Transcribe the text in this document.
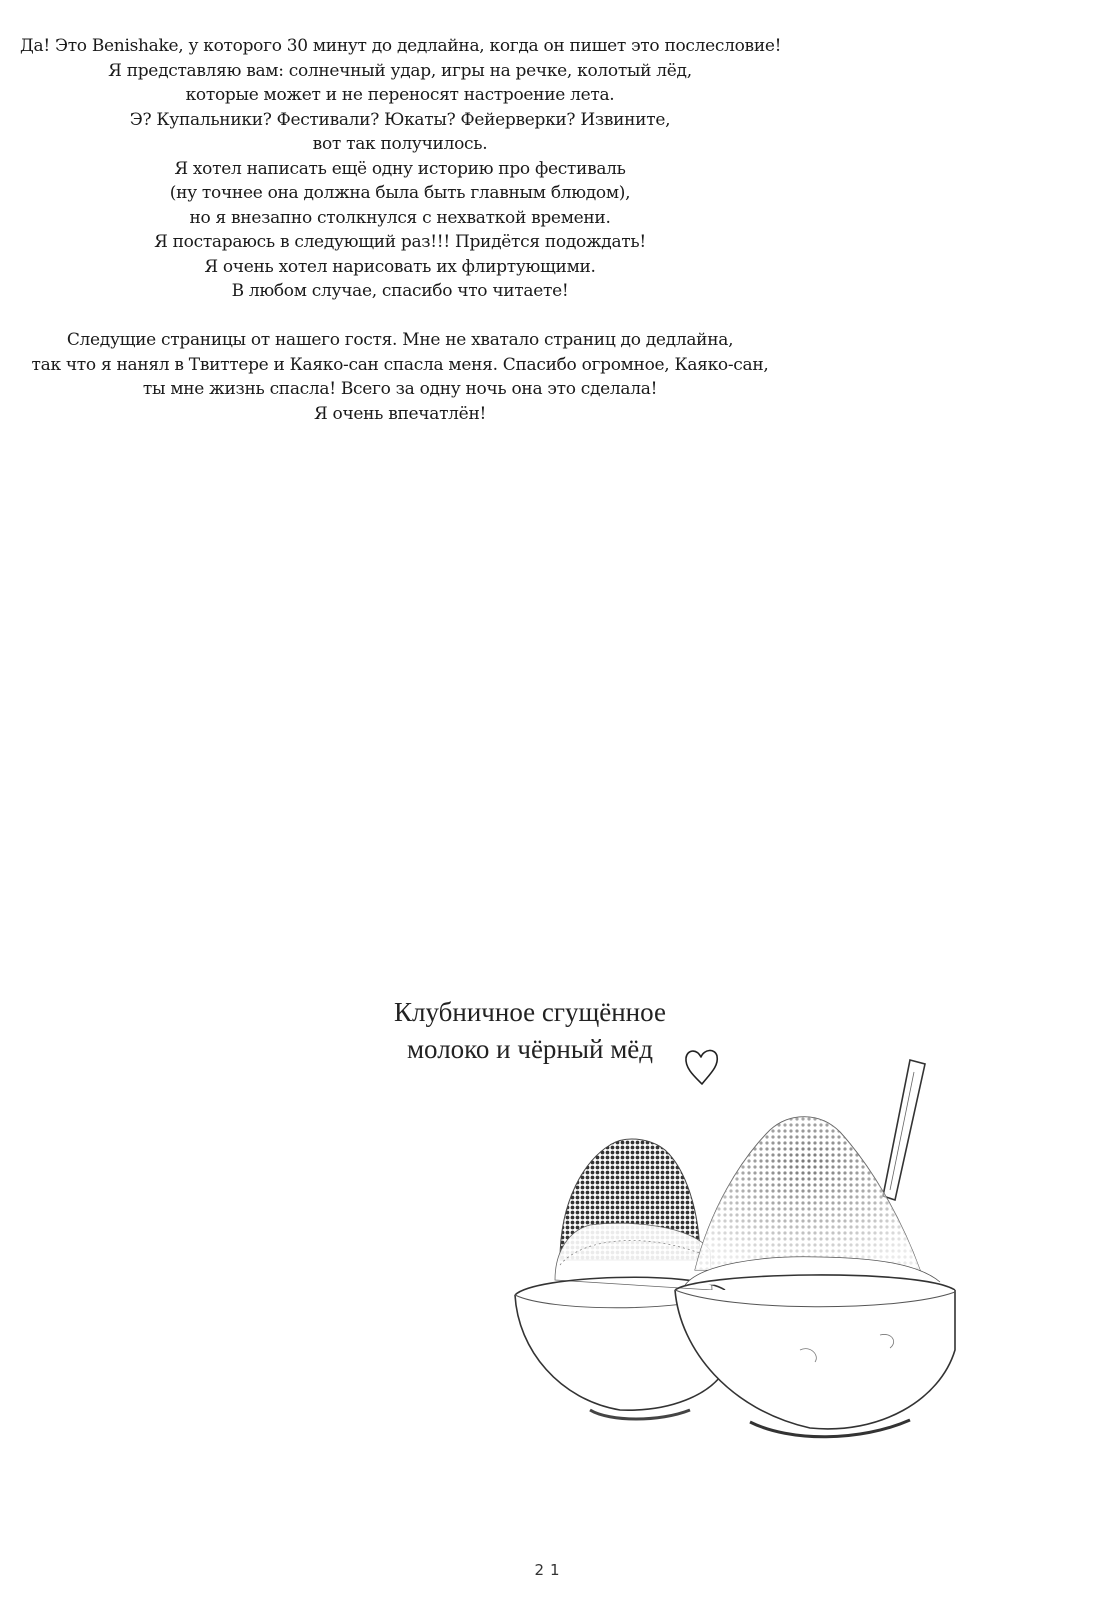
Да! Это Benishake, у которого 30 минут до дедлайна, когда он пишет это послесловие!
Я представляю вам: солнечный удар, игры на речке, колотый лёд,
которые может и не переносят настроение лета.
Э? Купальники? Фестивали? Юкаты? Фейерверки? Извините,
вот так получилось.
Я хотел написать ещё одну историю про фестиваль
(ну точнее она должна была быть главным блюдом),
но я внезапно столкнулся с нехваткой времени.
Я постараюсь в следующий раз!!! Придётся подождать!
Я очень хотел нарисовать их флиртующими.
В любом случае, спасибо что читаете!
Следущие страницы от нашего гостя. Мне не хватало страниц до дедлайна,
так что я нанял в Твиттере и Каяко-сан спасла меня. Спасибо огромное, Каяко-сан,
ты мне жизнь спасла! Всего за одну ночь она это сделала!
Я очень впечатлён!
Клубничное сгущённое
молоко и чёрный мёд
21
